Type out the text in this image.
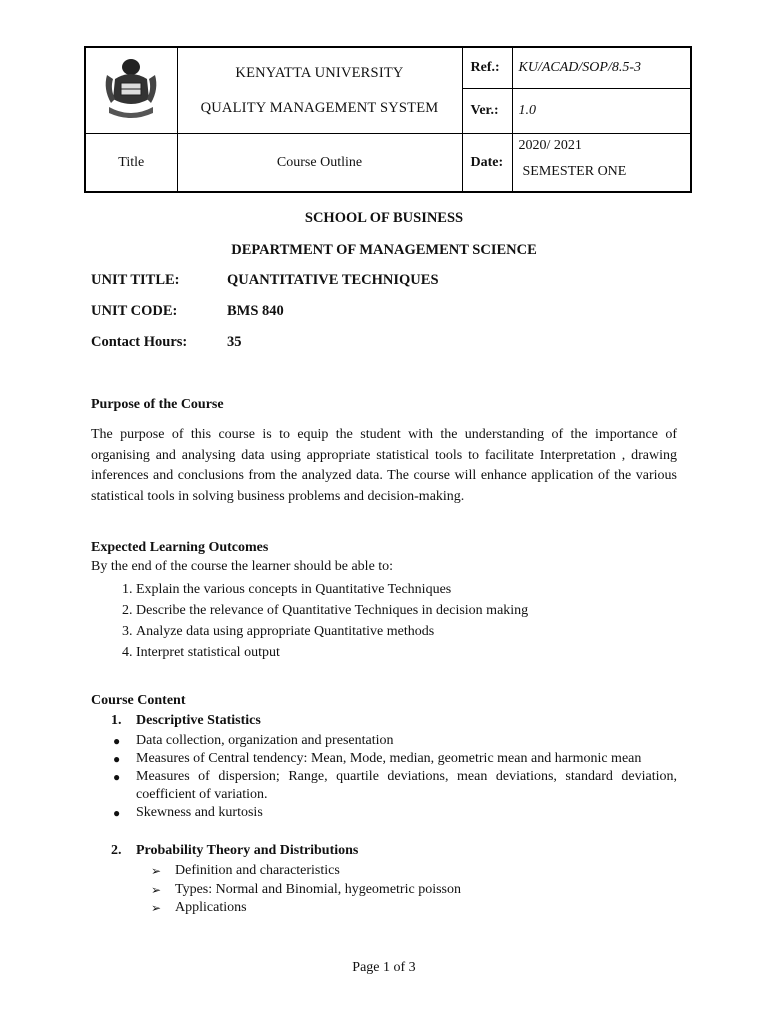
KENYATTA UNIVERSITY
QUALITY MANAGEMENT SYSTEM	Ref.:	KU/ACAD/SOP/8.5-3
		Ver.:	1.0
Title	Course Outline	Date:	2020/ 2021
SEMESTER ONE
SCHOOL OF BUSINESS
DEPARTMENT OF MANAGEMENT SCIENCE
UNIT TITLE:	QUANTITATIVE TECHNIQUES
UNIT CODE:	BMS 840
Contact Hours:	35
Purpose of the Course

The purpose of this course is to equip the student with the understanding of the importance of organising and analysing data using appropriate statistical tools to facilitate Interpretation , drawing inferences and conclusions from the analyzed data. The course will enhance application of the various statistical tools in solving business problems and decision-making.

Expected Learning Outcomes
By the end of the course the learner should be able to:
1. Explain the various concepts in Quantitative Techniques
2. Describe the relevance of Quantitative Techniques in decision making
3. Analyze data using appropriate Quantitative methods
4. Interpret statistical output
Course Content
1. Descriptive Statistics
● Data collection, organization and presentation
● Measures of Central tendency: Mean, Mode, median, geometric mean and harmonic mean
● Measures of dispersion; Range, quartile deviations, mean deviations, standard deviation, coefficient of variation.
● Skewness and kurtosis
2. Probability Theory and Distributions
➢ Definition and characteristics
➢ Types: Normal and Binomial, hygeometric poisson
➢ Applications
Page 1 of 3
